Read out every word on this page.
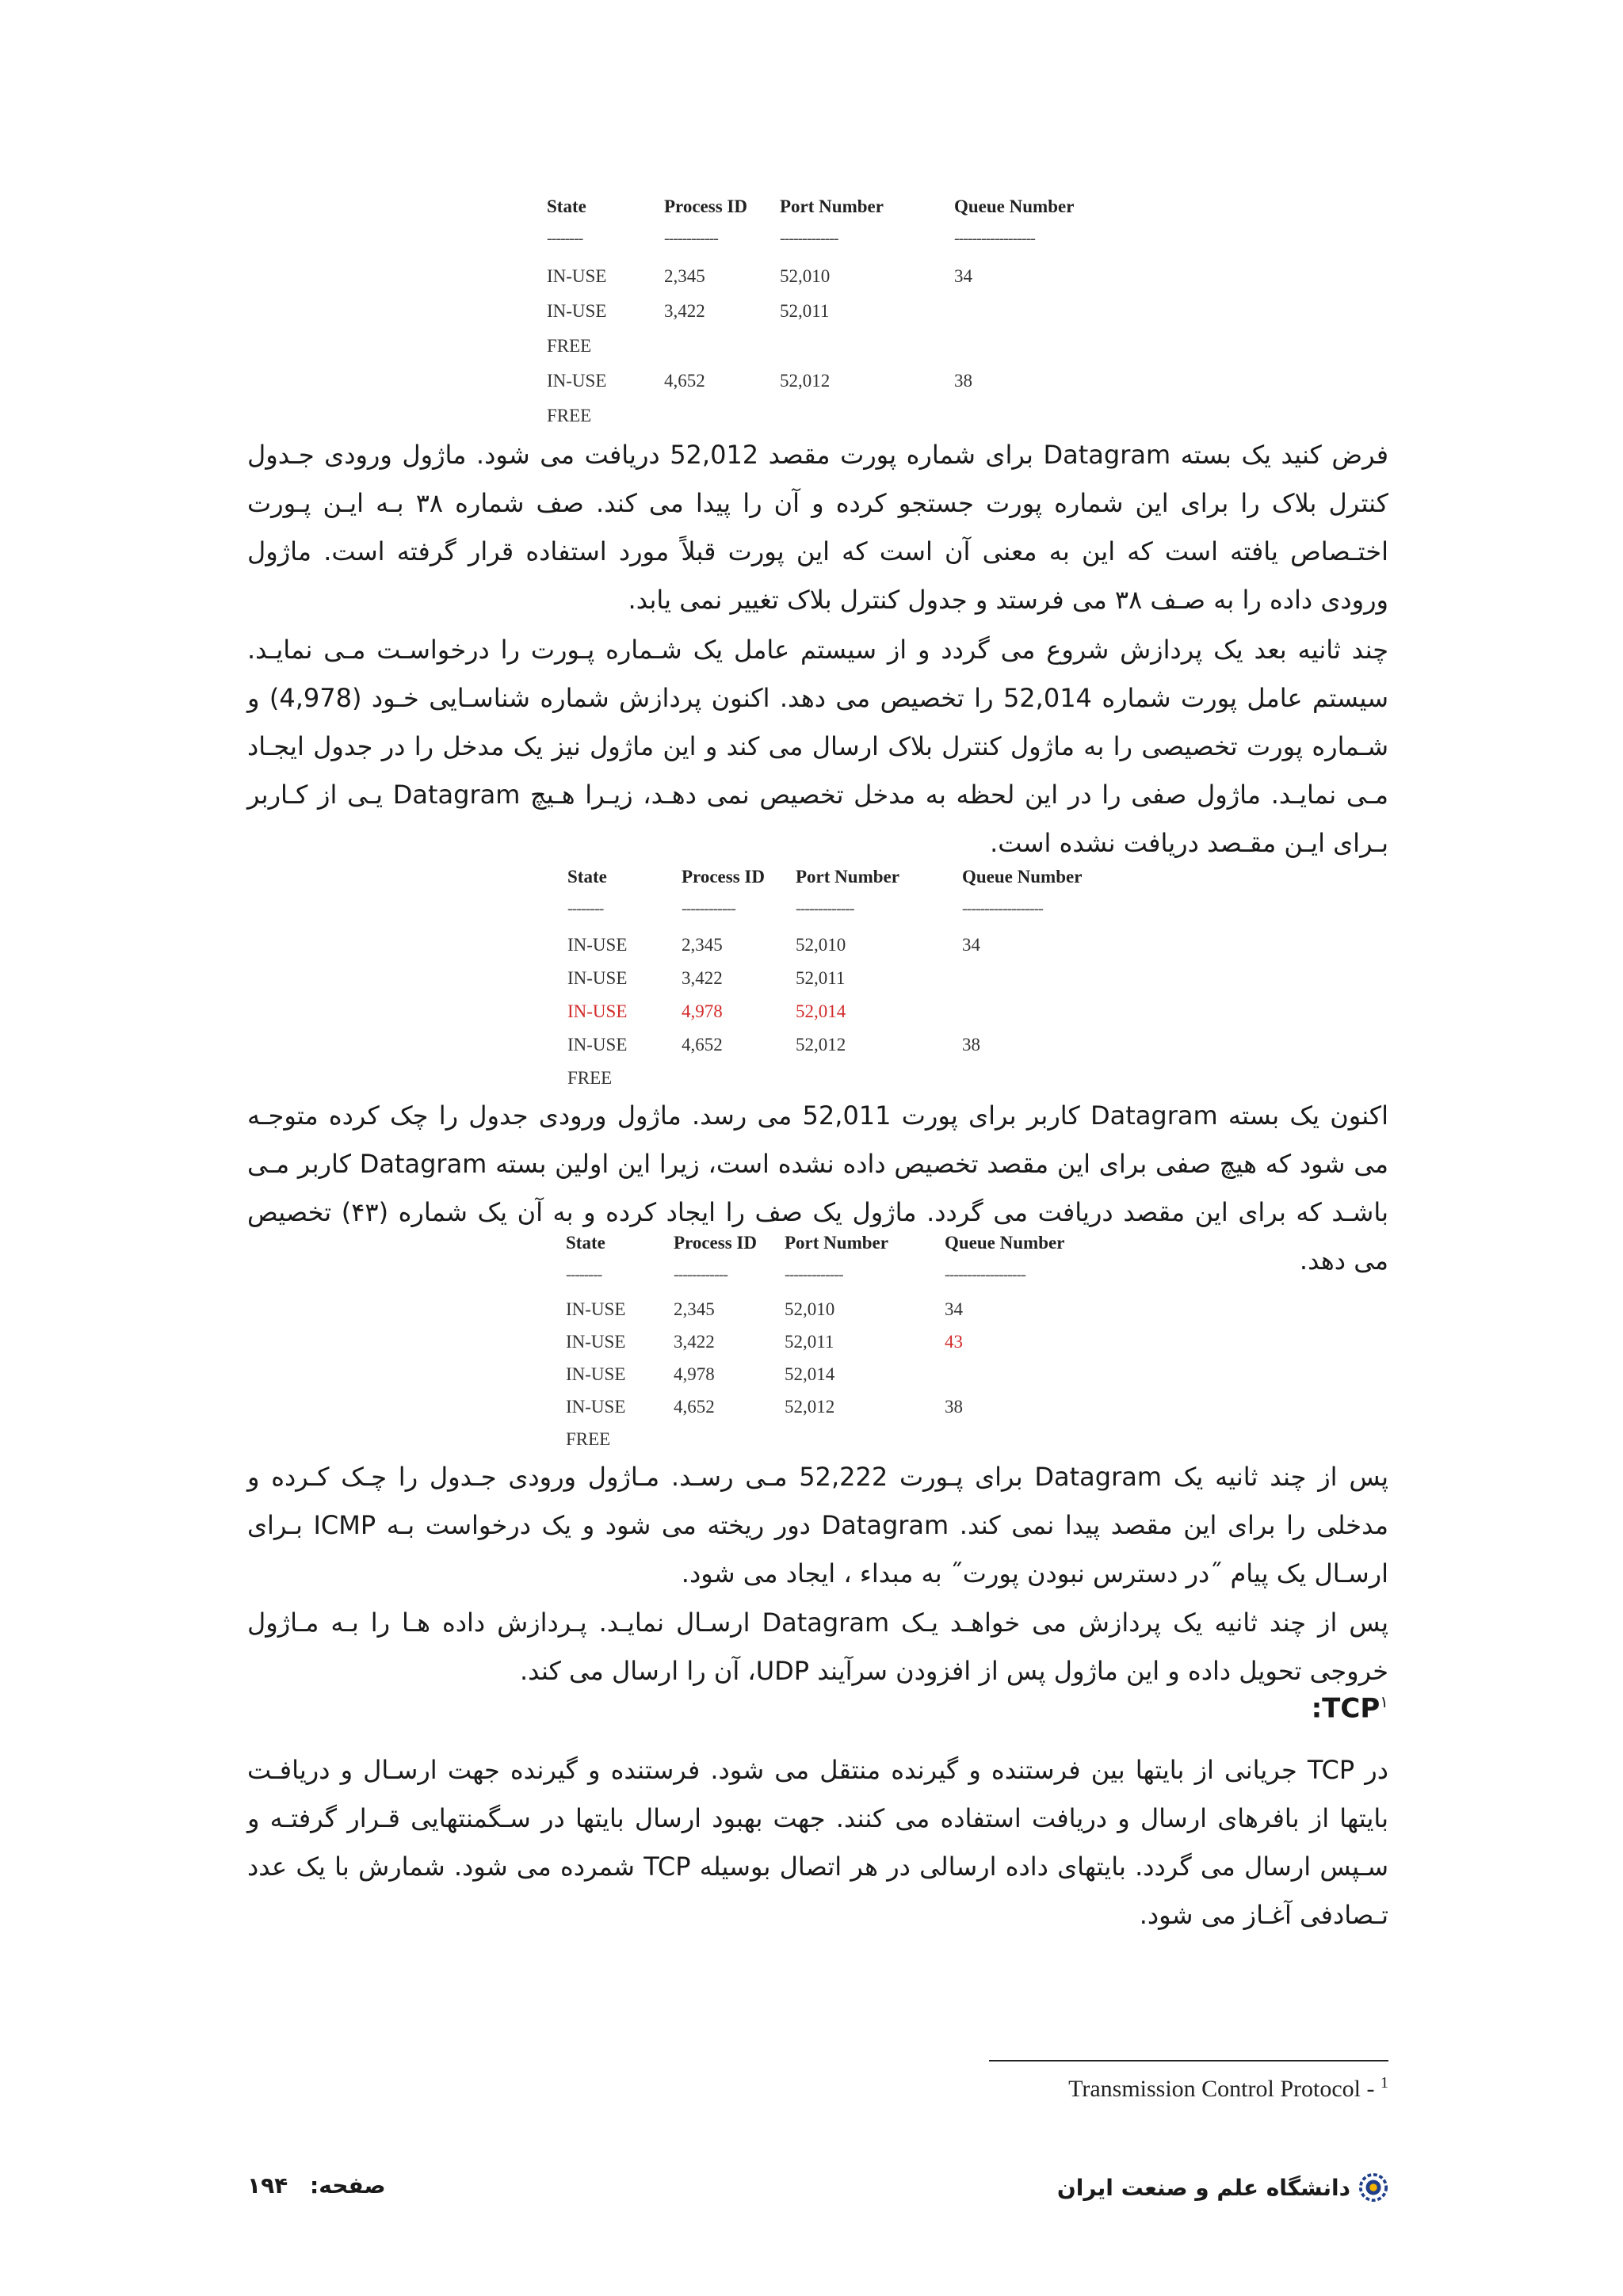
State	Process ID Port Number	Queue Number
--------	------------	-------------	------------------
IN-USE	2,345	52,010	34
IN-USE	3,422	52,011
FREE
IN-USE	4,652	52,012	38
FREE

فرض کنید یک بسته Datagram برای شماره پورت مقصد 52,012 دریافت می شود. ماژول ورودی جـدول کنترل بلاک را برای این شماره پورت جستجو کرده و آن را پیدا می کند. صف شماره ۳۸ بـه ایـن پـورت اختـصاص یافته است که این به معنی آن است که این پورت قبلاً مورد استفاده قرار گرفته است. ماژول ورودی داده را به صـف ۳۸ می فرستد و جدول کنترل بلاک تغییر نمی یابد.

چند ثانیه بعد یک پردازش شروع می گردد و از سیستم عامل یک شـماره پـورت را درخواسـت مـی نمایـد. سیستم عامل پورت شماره 52,014 را تخصیص می دهد. اکنون پردازش شماره شناسـایی خـود (4,978) و شـماره پورت تخصیصی را به ماژول کنترل بلاک ارسال می کند و این ماژول نیز یک مدخل را در جدول ایجـاد مـی نمایـد. ماژول صفی را در این لحظه به مدخل تخصیص نمی دهـد، زیـرا هـیچ Datagram یـی از کـاربر بـرای ایـن مقـصد دریافت نشده است.

State	Process ID Port Number	Queue Number
--------	------------	-------------	------------------
IN-USE	2,345	52,010	34
IN-USE	3,422	52,011
IN-USE	4,978	52,014
IN-USE	4,652	52,012	38
FREE

اکنون یک بسته Datagram کاربر برای پورت 52,011 می رسد. ماژول ورودی جدول را چک کرده متوجـه می شود که هیچ صفی برای این مقصد تخصیص داده نشده است، زیرا این اولین بسته Datagram کاربر مـی باشـد که برای این مقصد دریافت می گردد. ماژول یک صف را ایجاد کرده و به آن یک شماره (۴۳) تخصیص می دهد.

State	Process ID Port Number	Queue Number
--------	------------	-------------	------------------
IN-USE	2,345	52,010	34
IN-USE	3,422	52,011	43
IN-USE	4,978	52,014
IN-USE	4,652	52,012	38
FREE

پس از چند ثانیه یک Datagram برای پـورت 52,222 مـی رسـد. مـاژول ورودی جـدول را چـک کـرده و مدخلی را برای این مقصد پیدا نمی کند. Datagram دور ریخته می شود و یک درخواست بـه ICMP بـرای ارسـال یک پیام ˝در دسترس نبودن پورت˝ به مبداء ، ایجاد می شود.

پس از چند ثانیه یک پردازش می خواهـد یـک Datagram ارسـال نمایـد. پـردازش داده هـا را بـه مـاژول خروجی تحویل داده و این ماژول پس از افزودن سرآیند UDP، آن را ارسال می کند.

TCP$^۱$:

در TCP جریانی از بایتها بین فرستنده و گیرنده منتقل می شود. فرستنده و گیرنده جهت ارسـال و دریافـت بایتها از بافرهای ارسال و دریافت استفاده می کنند. جهت بهبود ارسال بایتها در سـگمنتهایی قـرار گرفتـه و سـپس ارسال می گردد. بایتهای داده ارسالی در هر اتصال بوسیله TCP شمرده می شود. شمارش با یک عدد تـصادفی آغـاز می شود.

Transmission Control Protocol - $^1$
دانشگاه علم و صنعت ایران
صفحه: ۱۹۴
